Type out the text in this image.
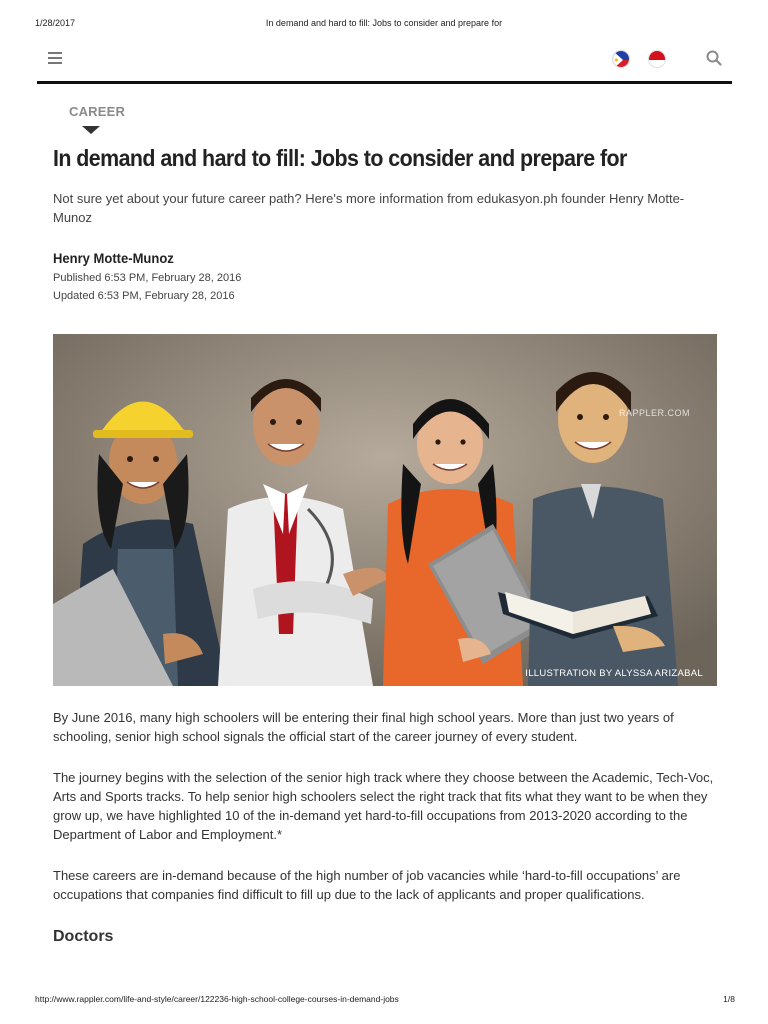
1/28/2017	In demand and hard to fill: Jobs to consider and prepare for
CAREER
In demand and hard to fill: Jobs to consider and prepare for

Not sure yet about your future career path? Here's more information from edukasyon.ph founder Henry Motte-Munoz

Henry Motte-Munoz
Published 6:53 PM, February 28, 2016
Updated 6:53 PM, February 28, 2016
RAPPLER.COM
ILLUSTRATION BY ALYSSA ARIZABAL

By June 2016, many high schoolers will be entering their final high school years. More than just two years of schooling, senior high school signals the official start of the career journey of every student.

The journey begins with the selection of the senior high track where they choose between the Academic, Tech-Voc, Arts and Sports tracks. To help senior high schoolers select the right track that fits what they want to be when they grow up, we have highlighted 10 of the in-demand yet hard-to-fill occupations from 2013-2020 according to the Department of Labor and Employment.*

These careers are in-demand because of the high number of job vacancies while ‘hard-to-fill occupations’ are occupations that companies find difficult to fill up due to the lack of applicants and proper qualifications.

Doctors
http://www.rappler.com/life-and-style/career/122236-high-school-college-courses-in-demand-jobs	1/8
